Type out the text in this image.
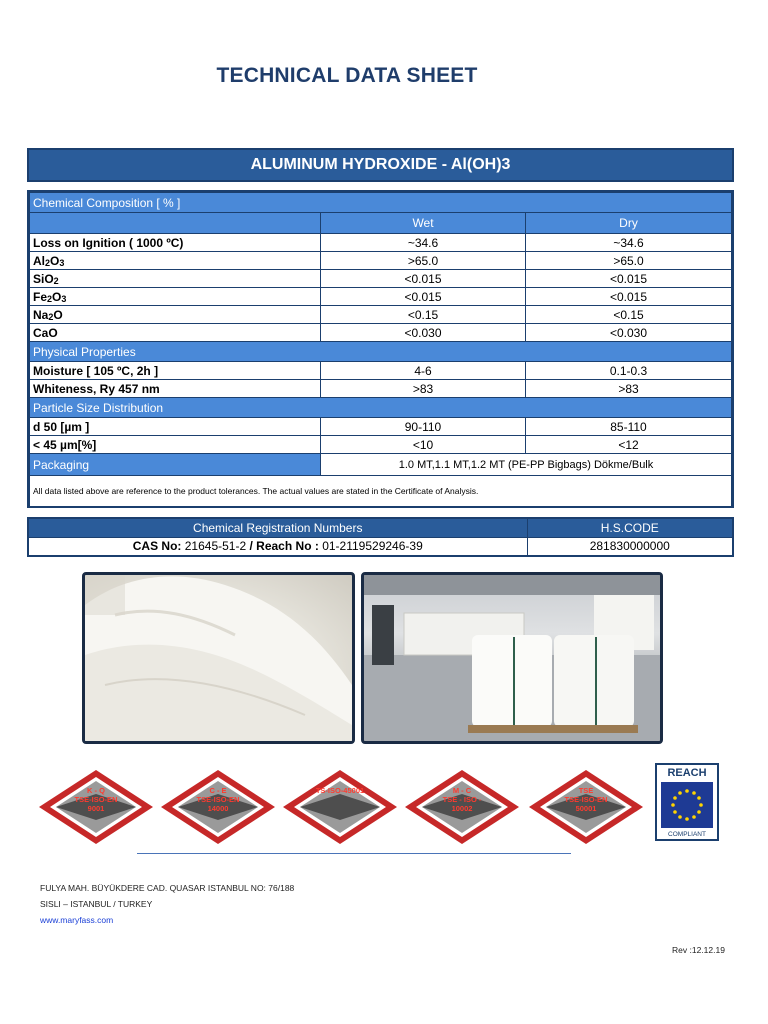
TECHNICAL DATA SHEET
ALUMINUM HYDROXIDE - Al(OH)3
Chemical Composition [ % ]		
	Wet	Dry
Loss on Ignition ( 1000 ºC)	~34.6	~34.6
$Al_2O_3$	>65.0	>65.0
SiO$_2$	<0.015	<0.015
$Fe_2O_3$	<0.015	<0.015
$Na_2O$	<0.15	<0.15
CaO	<0.030	<0.030
Physical Properties		
Moisture [ 105 ºC, 2h ]	4-6	0.1-0.3
Whiteness, Ry 457 nm	>83	>83
Particle Size Distribution		
d 50 [µm ]	90-110	85-110
< 45 µm[%]	<10	<12
Packaging	1.0 MT,1.1 MT,1.2 MT (PE-PP Bigbags) Dökme/Bulk	
All data listed above are reference to the product tolerances. The actual values are stated in the Certificate of Analysis.		
Chemical Registration Numbers	H.S.CODE
CAS No: 21645-51-2 / Reach No : 01-2119529246-39	281830000000
K - Q
TSE-ISO-EN
9001
C - E
TSE-ISO-EN
14000
TS-ISO-45001	M - C
TSE - ISO -
10002
TSE
TSE-ISO-EN
50001
REACH
COMPLIANT
FULYA MAH. BÜYÜKDERE CAD. QUASAR ISTANBUL NO: 76/188
SISLI – ISTANBUL / TURKEY
www.maryfass.com
Rev :12.12.19
